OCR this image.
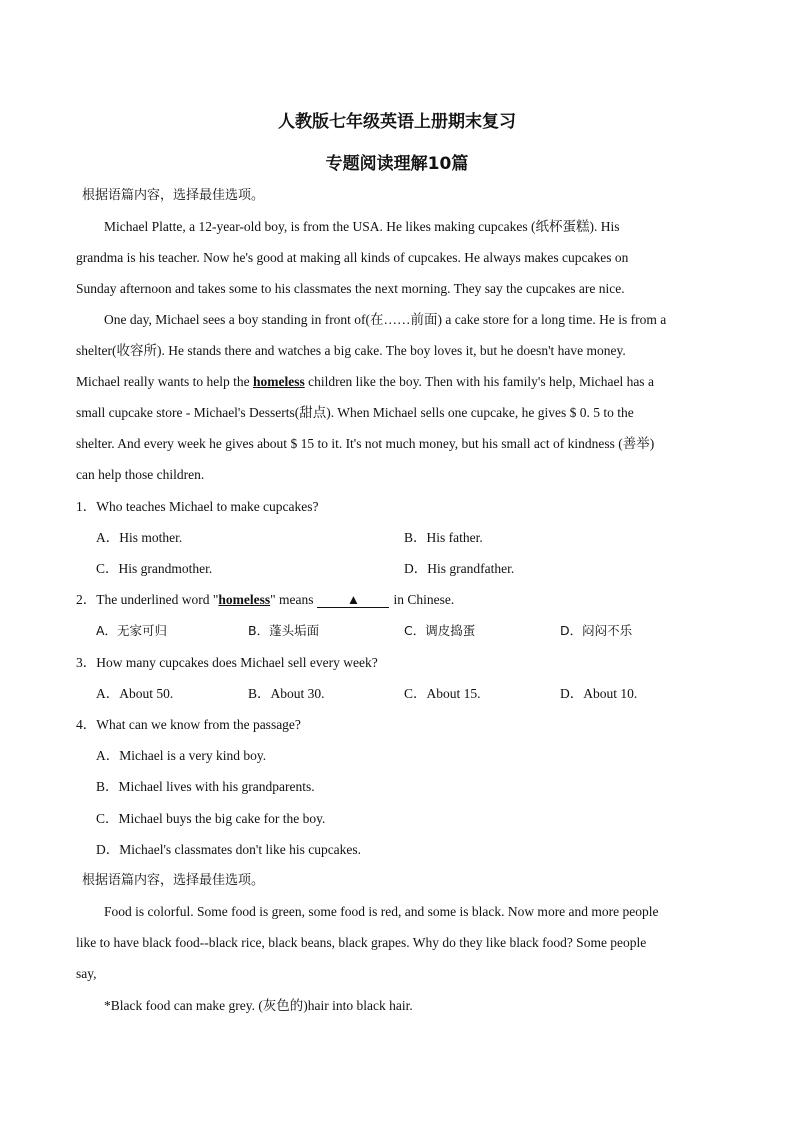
人教版七年级英语上册期末复习
专题阅读理解10篇
根据语篇内容，选择最佳选项。
Michael Platte, a 12-year-old boy, is from the USA. He likes making cupcakes (纸杯蛋糕). His
grandma is his teacher. Now he's good at making all kinds of cupcakes. He always makes cupcakes on
Sunday afternoon and takes some to his classmates the next morning. They say the cupcakes are nice.
One day, Michael sees a boy standing in front of(在……前面) a cake store for a long time. He is from a
shelter(收容所). He stands there and watches a big cake. The boy loves it, but he doesn't have money.
Michael really wants to help the homeless children like the boy. Then with his family's help, Michael has a
small cupcake store - Michael's Desserts(甜点). When Michael sells one cupcake, he gives $ 0. 5 to the
shelter. And every week he gives about $ 15 to it. It's not much money, but his small act of kindness (善举)
can help those children.
1．Who teaches Michael to make cupcakes?
A．His mother.	B．His father.
C．His grandmother.	D．His grandfather.
2．The underlined word "homeless" means ▲ in Chinese.
A．无家可归	B．蓬头垢面	C．调皮捣蛋	D．闷闷不乐
3．How many cupcakes does Michael sell every week?
A．About 50.	B．About 30.	C．About 15.	D．About 10.
4．What can we know from the passage?
A．Michael is a very kind boy.
B．Michael lives with his grandparents.
C．Michael buys the big cake for the boy.
D．Michael's classmates don't like his cupcakes.
根据语篇内容，选择最佳选项。
Food is colorful. Some food is green, some food is red, and some is black. Now more and more people
like to have black food--black rice, black beans, black grapes. Why do they like black food? Some people
say,
*Black food can make grey. (灰色的)hair into black hair.
